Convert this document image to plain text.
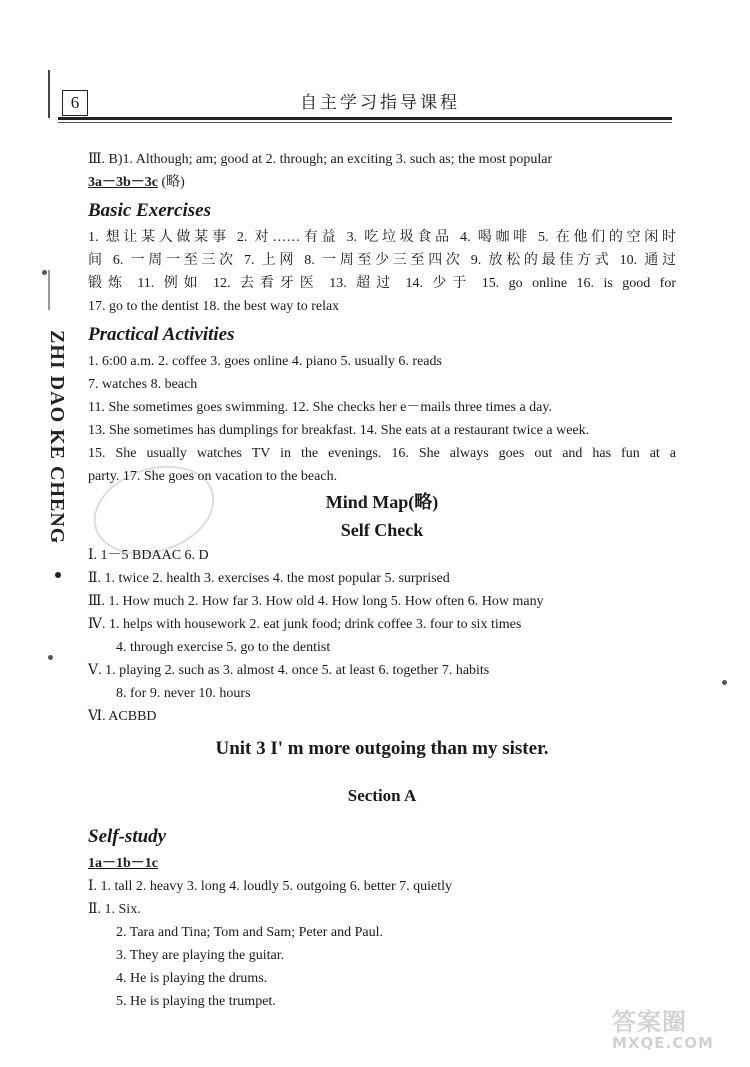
6	自主学习指导课程
ZHI DAO KE CHENG
Ⅲ. B)1. Although; am; good at 2. through; an exciting 3. such as; the most popular
3a－3b－3c (略)
Basic Exercises
1. 想让某人做某事 2. 对……有益 3. 吃垃圾食品 4. 喝咖啡 5. 在他们的空闲时
间 6. 一周一至三次 7. 上网 8. 一周至少三至四次 9. 放松的最佳方式 10. 通过
锻炼 11. 例如 12. 去看牙医 13. 超过 14. 少于 15. go online 16. is good for
17. go to the dentist 18. the best way to relax
Practical Activities
1. 6:00 a.m. 2. coffee 3. goes online 4. piano 5. usually 6. reads
7. watches 8. beach
11. She sometimes goes swimming. 12. She checks her e－mails three times a day.
13. She sometimes has dumplings for breakfast. 14. She eats at a restaurant twice a week.
15. She usually watches TV in the evenings. 16. She always goes out and has fun at a
party. 17. She goes on vacation to the beach.
Mind Map(略)
Self Check
Ⅰ. 1－5 BDAAC 6. D
Ⅱ. 1. twice 2. health 3. exercises 4. the most popular 5. surprised
Ⅲ. 1. How much 2. How far 3. How old 4. How long 5. How often 6. How many
Ⅳ. 1. helps with housework 2. eat junk food; drink coffee 3. four to six times
4. through exercise 5. go to the dentist
Ⅴ. 1. playing 2. such as 3. almost 4. once 5. at least 6. together 7. habits
8. for 9. never 10. hours
Ⅵ. ACBBD
Unit 3 I' m more outgoing than my sister.
Section A
Self-study
1a－1b－1c
Ⅰ. 1. tall 2. heavy 3. long 4. loudly 5. outgoing 6. better 7. quietly
Ⅱ. 1. Six.
2. Tara and Tina; Tom and Sam; Peter and Paul.
3. They are playing the guitar.
4. He is playing the drums.
5. He is playing the trumpet.
答案圈
MXQE.COM
